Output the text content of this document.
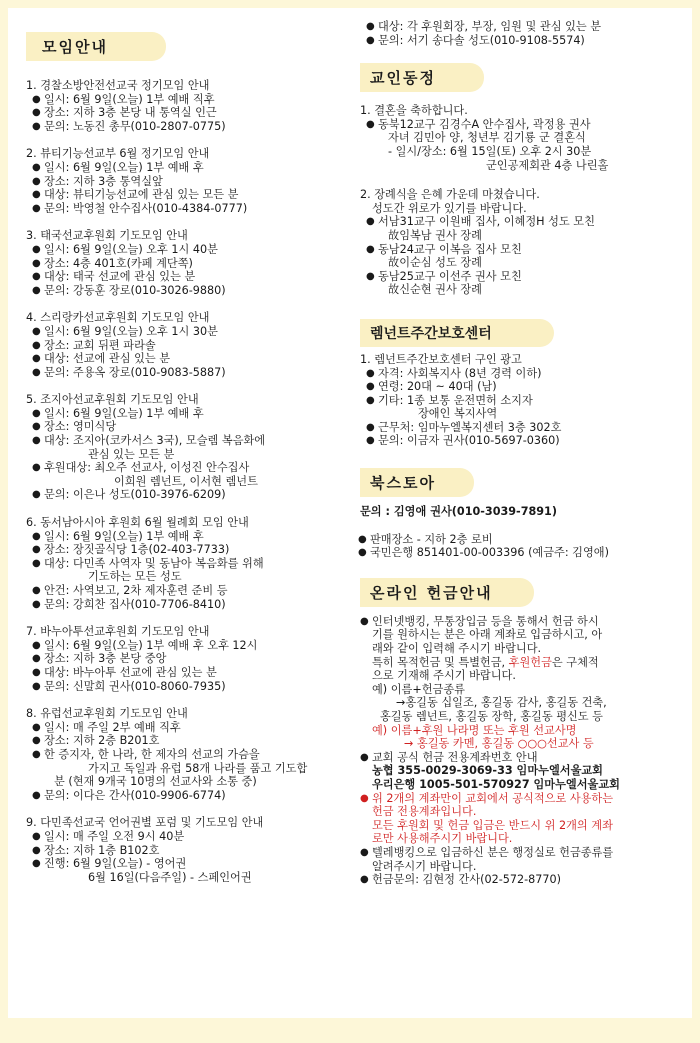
모임안내
1. 경찰소방안전선교국 정기모임 안내
● 일시: 6월 9일(오늘) 1부 예배 직후
● 장소: 지하 3층 본당 내 통역실 인근
● 문의: 노동진 총무(010-2807-0775)
2. 뷰티기능선교부 6월 정기모임 안내
● 일시: 6월 9일(오늘) 1부 예배 후
● 장소: 지하 3층 통역실앞
● 대상: 뷰티기능선교에 관심 있는 모든 분
● 문의: 박영철 안수집사(010-4384-0777)
3. 태국선교후원회 기도모임 안내
● 일시: 6월 9일(오늘) 오후 1시 40분
● 장소: 4층 401호(카페 계단쪽)
● 대상: 태국 선교에 관심 있는 분
● 문의: 강동훈 장로(010-3026-9880)
4. 스리랑카선교후원회 기도모임 안내
● 일시: 6월 9일(오늘) 오후 1시 30분
● 장소: 교회 뒤편 파라솔
● 대상: 선교에 관심 있는 분
● 문의: 주용옥 장로(010-9083-5887)
5. 조지아선교후원회 기도모임 안내
● 일시: 6월 9일(오늘) 1부 예배 후
● 장소: 영미식당
● 대상: 조지아(코카서스 3국), 모슬렘 복음화에
관심 있는 모든 분
● 후원대상: 최오주 선교사, 이성진 안수집사
이희원 렘넌트, 이서현 렘넌트
● 문의: 이은나 성도(010-3976-6209)
6. 동서남아시아 후원회 6월 월례회 모임 안내
● 일시: 6월 9일(오늘) 1부 예배 후
● 장소: 장짓골식당 1층(02-403-7733)
● 대상: 다민족 사역자 및 동남아 복음화를 위해
기도하는 모든 성도
● 안건: 사역보고, 2차 제자훈련 준비 등
● 문의: 강희찬 집사(010-7706-8410)
7. 바누아투선교후원회 기도모임 안내
● 일시: 6월 9일(오늘) 1부 예배 후 오후 12시
● 장소: 지하 3층 본당 중앙
● 대상: 바누아투 선교에 관심 있는 분
● 문의: 신말희 권사(010-8060-7935)
8. 유럽선교후원회 기도모임 안내
● 일시: 매 주일 2부 예배 직후
● 장소: 지하 2층 B201호
● 한 증지자, 한 나라, 한 제자의 선교의 가슴을
가지고 독일과 유럽 58개 나라를 품고 기도합
분 (현재 9개국 10명의 선교사와 소통 중)
● 문의: 이다은 간사(010-9906-6774)
9. 다민족선교국 언어권별 포럼 및 기도모임 안내
● 일시: 매 주일 오전 9시 40분
● 장소: 지하 1층 B102호
● 진행: 6월 9일(오늘) - 영어권
6월 16일(다음주일) - 스페인어권
● 대상: 각 후원회장, 부장, 임원 및 관심 있는 분
● 문의: 서기 송다솔 성도(010-9108-5574)
교인동정
1. 결혼을 축하합니다.
● 동북12교구 김경수A 안수집사, 곽정용 권사
자녀 김민아 양, 청년부 김기룡 군 결혼식
- 일시/장소: 6월 15일(토) 오후 2시 30분
군인공제회관 4층 나린홀
2. 장례식을 은혜 가운데 마쳤습니다.
성도간 위로가 있기를 바랍니다.
● 서남31교구 이원배 집사, 이혜정H 성도 모친
故임복남 권사 장례
● 동남24교구 이복음 집사 모친
故이순심 성도 장례
● 동남25교구 이선주 권사 모친
故신순현 권사 장례
렘넌트주간보호센터
1. 렘넌트주간보호센터 구인 광고
● 자격: 사회복지사 (8년 경력 이하)
● 연령: 20대 ~ 40대 (남)
● 기타: 1종 보통 운전면허 소지자
장애인 복지사역
● 근무처: 임마누엘복지센터 3층 302호
● 문의: 이금자 권사(010-5697-0360)
북스토아
문의 : 김영애 권사(010-3039-7891)
● 판매장소 - 지하 2층 로비
● 국민은행 851401-00-003396 (예금주: 김영애)
온라인 헌금안내
● 인터넷뱅킹, 무통장입금 등을 통해서 헌금 하시
기를 원하시는 분은 아래 계좌로 입금하시고, 아
래와 같이 입력해 주시기 바랍니다.
특히 목적헌금 및 특별헌금, 후원헌금은 구체적
으로 기재해 주시기 바랍니다.
예) 이름+헌금종류
→홍길동 십일조, 홍길동 감사, 홍길동 건축,
홍길동 렘넌트, 홍길동 장학, 홍길동 평신도 등
예) 이름+후원 나라명 또는 후원 선교사명
→ 홍길동 카멘, 홍길동 ○○○선교사 등
● 교회 공식 헌금 전용계좌번호 안내
농협 355-0029-3069-33 임마누엘서울교회
우리은행 1005-501-570927 임마누엘서울교회
● 위 2개의 계좌만이 교회에서 공식적으로 사용하는
헌금 전용계좌입니다.
모든 후원회 및 헌금 입금은 반드시 위 2개의 계좌
로만 사용해주시기 바랍니다.
● 텔레뱅킹으로 입금하신 분은 행정실로 헌금종류를
알려주시기 바랍니다.
● 헌금문의: 김현정 간사(02-572-8770)
